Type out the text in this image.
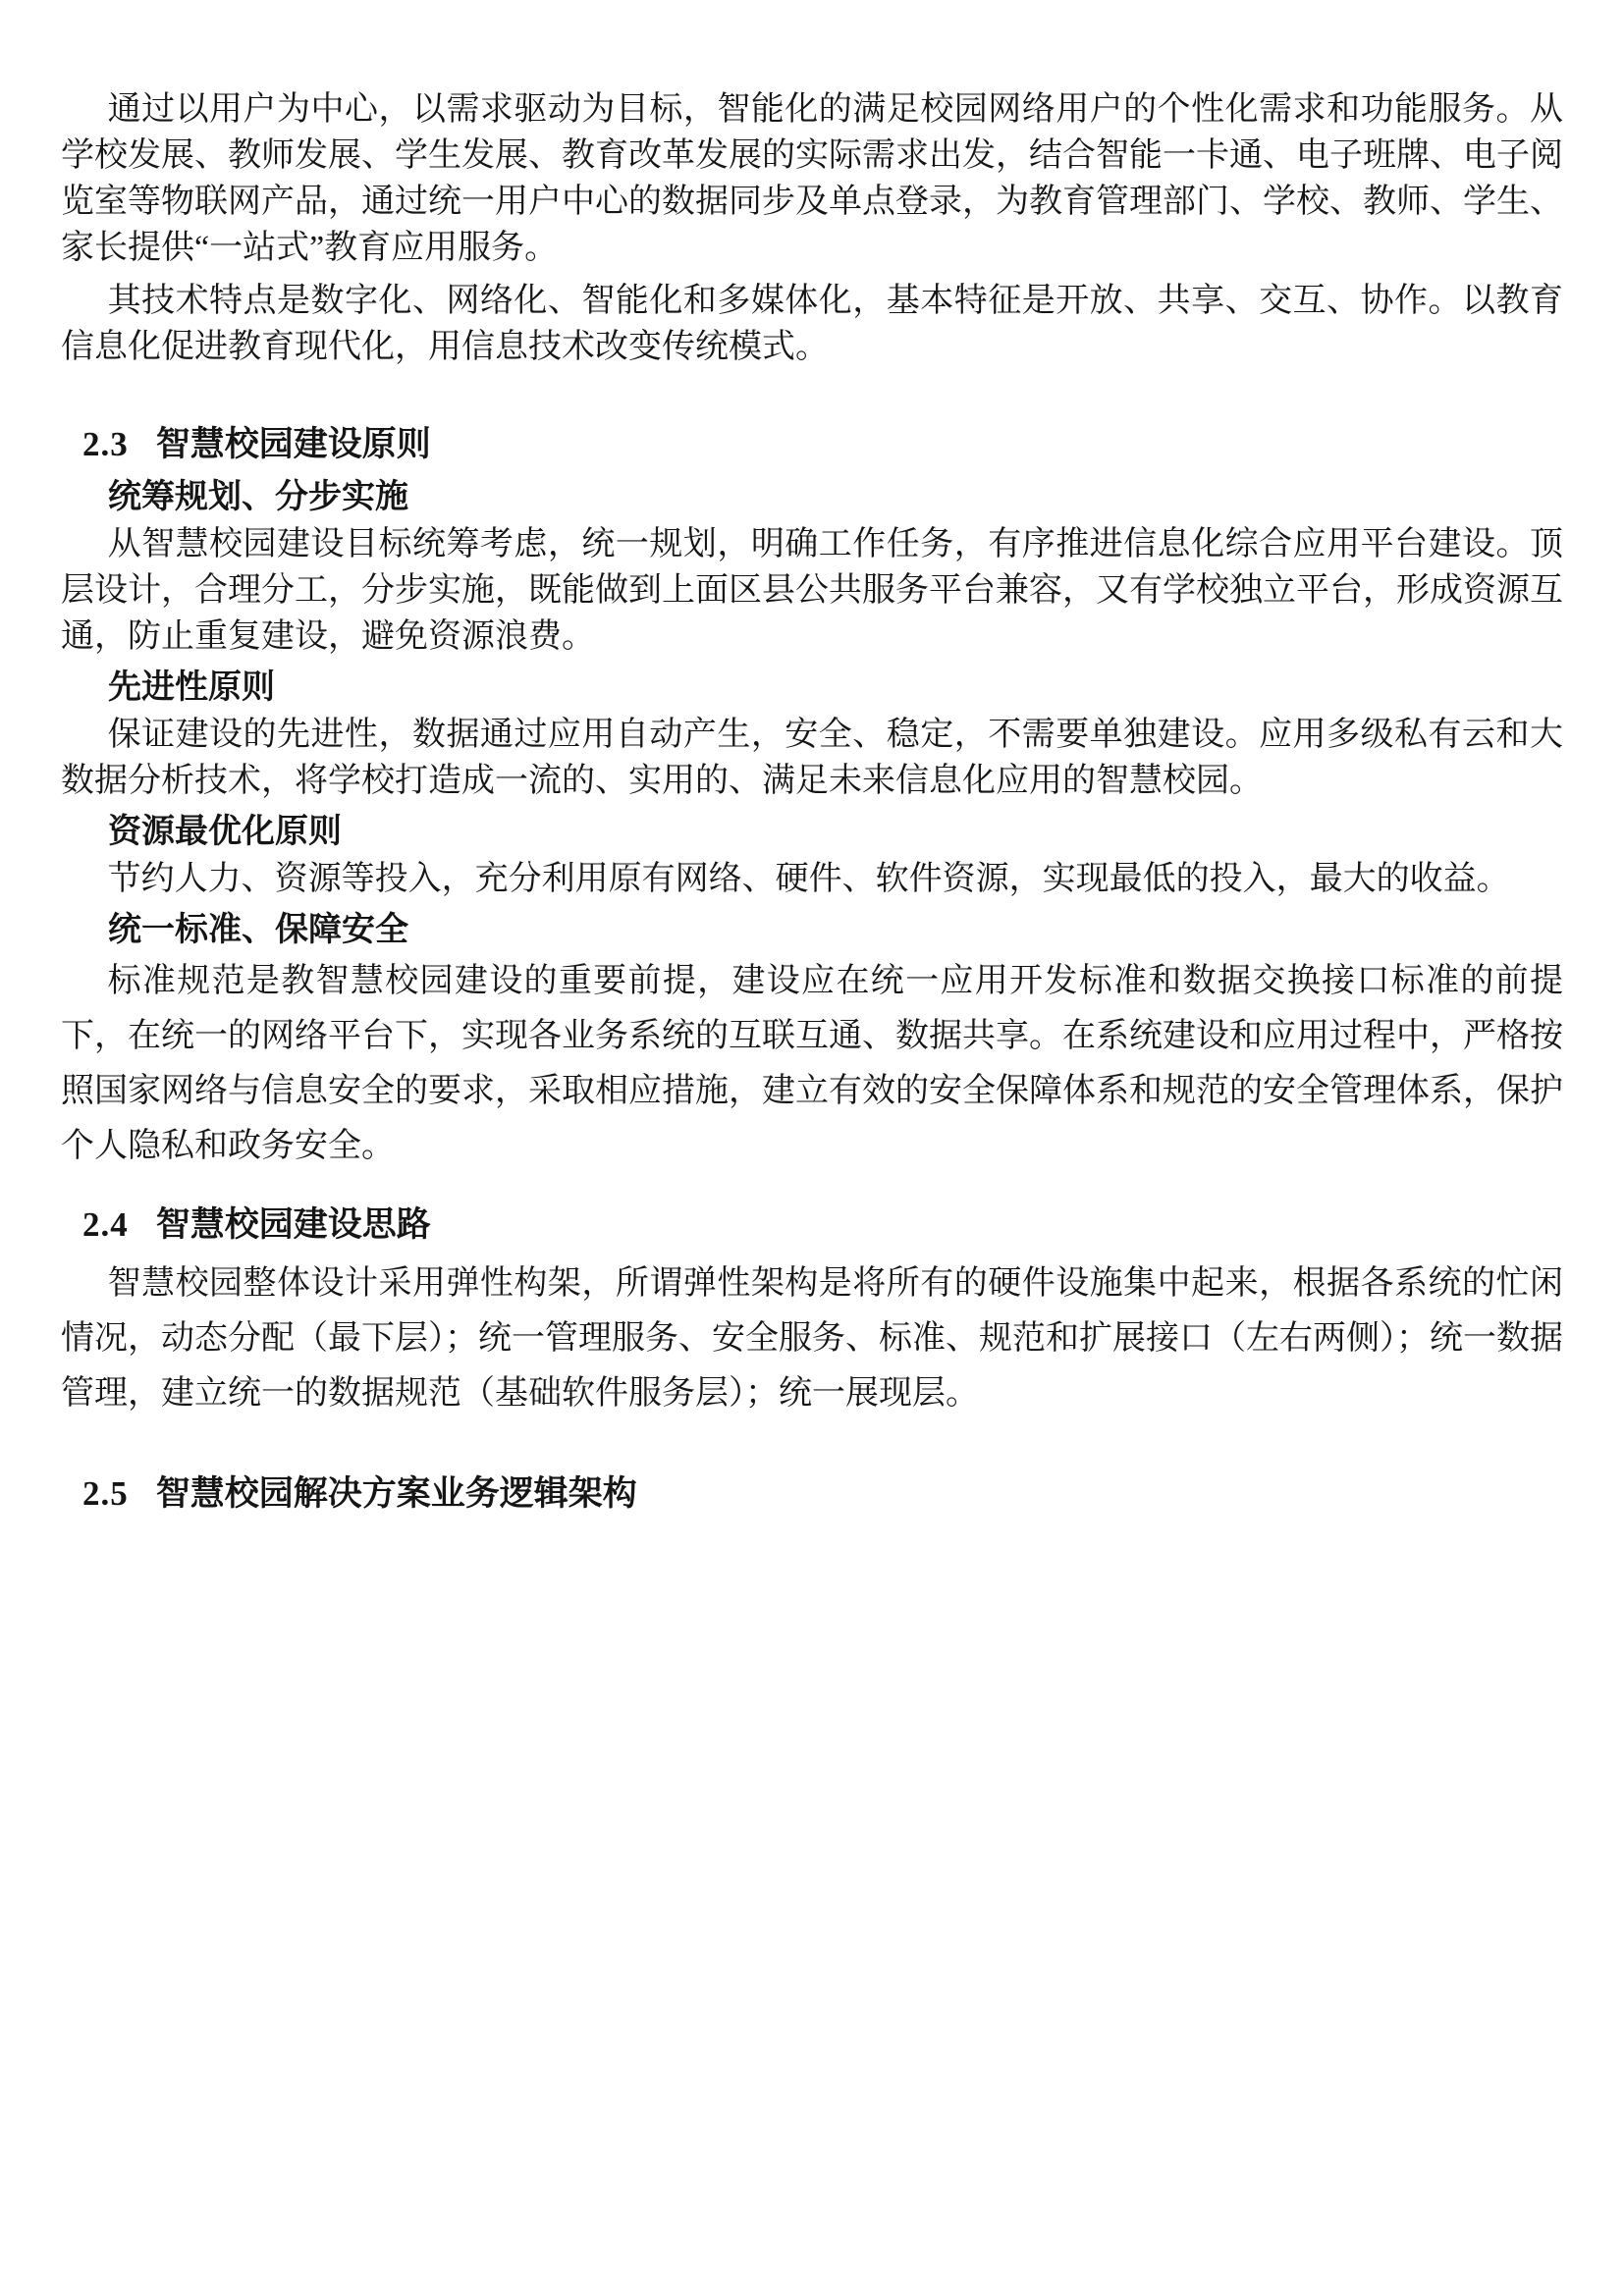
通过以用户为中心，以需求驱动为目标，智能化的满足校园网络用户的个性化需求和功能服务。从学校发展、教师发展、学生发展、教育改革发展的实际需求出发，结合智能一卡通、电子班牌、电子阅览室等物联网产品，通过统一用户中心的数据同步及单点登录，为教育管理部门、学校、教师、学生、家长提供“一站式”教育应用服务。

其技术特点是数字化、网络化、智能化和多媒体化，基本特征是开放、共享、交互、协作。以教育信息化促进教育现代化，用信息技术改变传统模式。

2.3 智慧校园建设原则
统筹规划、分步实施

从智慧校园建设目标统筹考虑，统一规划，明确工作任务，有序推进信息化综合应用平台建设。顶层设计，合理分工，分步实施，既能做到上面区县公共服务平台兼容，又有学校独立平台，形成资源互通，防止重复建设，避免资源浪费。

先进性原则

保证建设的先进性，数据通过应用自动产生，安全、稳定，不需要单独建设。应用多级私有云和大数据分析技术，将学校打造成一流的、实用的、满足未来信息化应用的智慧校园。

资源最优化原则

节约人力、资源等投入，充分利用原有网络、硬件、软件资源，实现最低的投入，最大的收益。

统一标准、保障安全

标准规范是教智慧校园建设的重要前提，建设应在统一应用开发标准和数据交换接口标准的前提下，在统一的网络平台下，实现各业务系统的互联互通、数据共享。在系统建设和应用过程中，严格按照国家网络与信息安全的要求，采取相应措施，建立有效的安全保障体系和规范的安全管理体系，保护个人隐私和政务安全。

2.4 智慧校园建设思路

智慧校园整体设计采用弹性构架，所谓弹性架构是将所有的硬件设施集中起来，根据各系统的忙闲情况，动态分配（最下层）；统一管理服务、安全服务、标准、规范和扩展接口（左右两侧）；统一数据管理，建立统一的数据规范（基础软件服务层）；统一展现层。

2.5 智慧校园解决方案业务逻辑架构
